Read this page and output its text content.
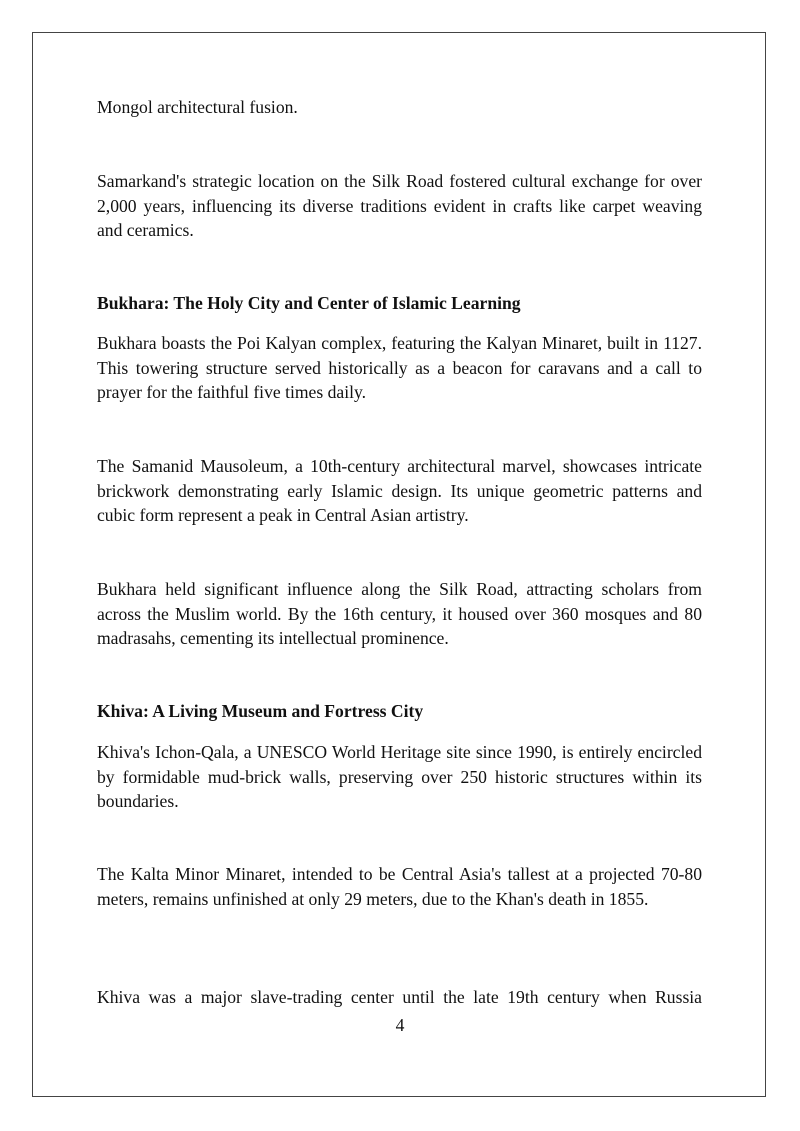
Mongol architectural fusion.

Samarkand's strategic location on the Silk Road fostered cultural exchange for over 2,000 years, influencing its diverse traditions evident in crafts like carpet weaving and ceramics.

Bukhara: The Holy City and Center of Islamic Learning

Bukhara boasts the Poi Kalyan complex, featuring the Kalyan Minaret, built in 1127. This towering structure served historically as a beacon for caravans and a call to prayer for the faithful five times daily.

The Samanid Mausoleum, a 10th-century architectural marvel, showcases intricate brickwork demonstrating early Islamic design. Its unique geometric patterns and cubic form represent a peak in Central Asian artistry.

Bukhara held significant influence along the Silk Road, attracting scholars from across the Muslim world. By the 16th century, it housed over 360 mosques and 80 madrasahs, cementing its intellectual prominence.

Khiva: A Living Museum and Fortress City

Khiva's Ichon-Qala, a UNESCO World Heritage site since 1990, is entirely encircled by formidable mud-brick walls, preserving over 250 historic structures within its boundaries.

The Kalta Minor Minaret, intended to be Central Asia's tallest at a projected 70-80 meters, remains unfinished at only 29 meters, due to the Khan's death in 1855.

Khiva was a major slave-trading center until the late 19th century when Russia

4
